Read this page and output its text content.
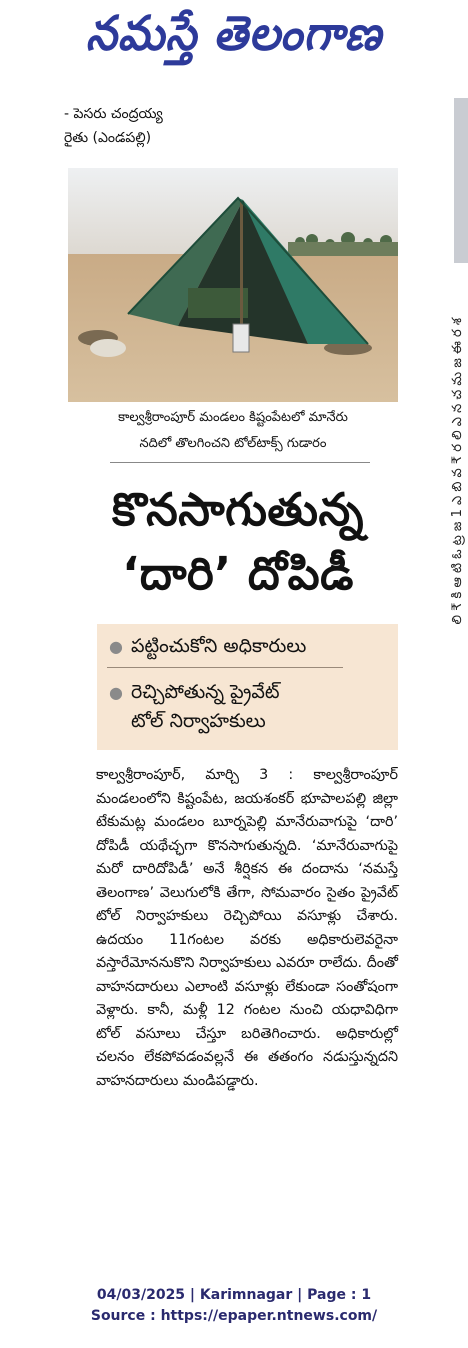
నమస్తే తెలంగాణ
లి ₹ కి ఆ టి ఓ ట్ర జ 1 ఎ బి వ ₹ ర లి ఎ న చ మ జ ఈ ర శ
- పెసరు చంద్రయ్య
రైతు (ఎండపల్లి)
కాల్వశ్రీరాంపూర్ మండలం కిష్టంపేటలో మానేరు
నదిలో తొలగించని టోల్‌టాక్స్ గుడారం
కొనసాగుతున్న
‘దారి’ దోపిడీ
● పట్టించుకోని అధికారులు
● రెచ్చిపోతున్న ప్రైవేట్
టోల్ నిర్వాహకులు

కాల్వశ్రీరాంపూర్, మార్చి 3 : కాల్వశ్రీరాంపూర్ మండలంలోని కిష్టంపేట, జయశంకర్ భూపాలపల్లి జిల్లా టేకుమట్ల మండలం బూర్నపెల్లి మానేరువాగుపై ‘దారి’ దోపిడీ యథేచ్ఛగా కొనసాగుతున్నది. ‘మానేరువాగుపై మరో దారిదోపిడీ’ అనే శీర్షికన ఈ దందాను ‘నమస్తే తెలంగాణ’ వెలుగులోకి తేగా, సోమవారం సైతం ప్రైవేట్ టోల్ నిర్వాహకులు రెచ్చిపోయి వసూళ్లు చేశారు. ఉదయం 11గంటల వరకు అధికారులెవరైనా వస్తారేమోననుకొని నిర్వాహకులు ఎవరూ రాలేదు. దీంతో వాహనదారులు ఎలాంటి వసూళ్లు లేకుండా సంతోషంగా వెళ్లారు. కానీ, మళ్లీ 12 గంటల నుంచి యధావిధిగా టోల్ వసూలు చేస్తూ బరితెగించారు. అధికారుల్లో చలనం లేకపోవడంవల్లనే ఈ తతంగం నడుస్తున్నదని వాహనదారులు మండిపడ్డారు.

04/03/2025 | Karimnagar | Page : 1
Source : https://epaper.ntnews.com/
